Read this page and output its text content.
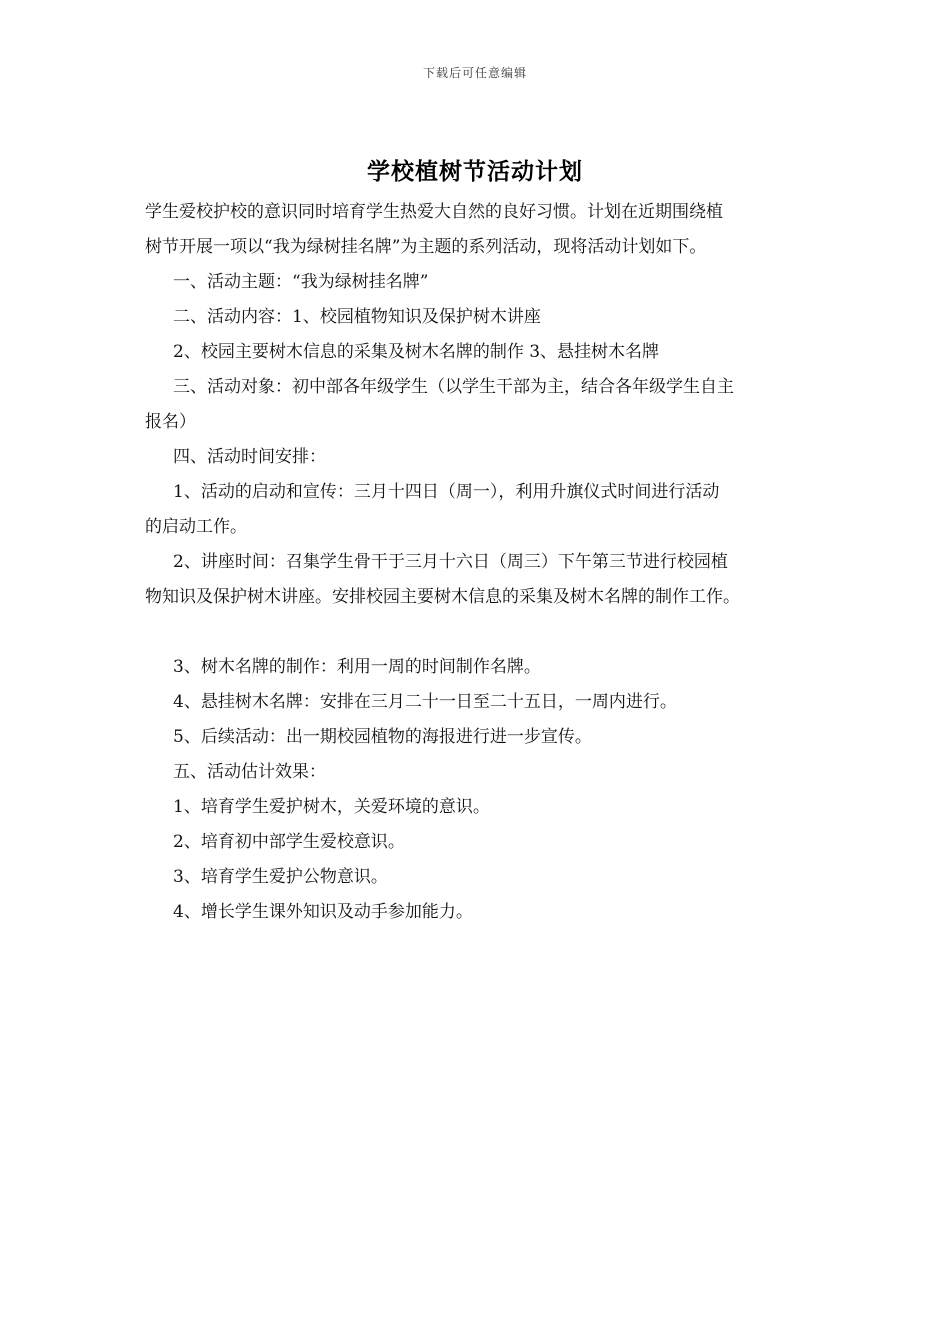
下载后可任意编辑
学校植树节活动计划

学生爱校护校的意识同时培育学生热爱大自然的良好习惯。计划在近期围绕植

树节开展一项以“我为绿树挂名牌”为主题的系列活动，现将活动计划如下。

一、活动主题：“我为绿树挂名牌”

二、活动内容：1、校园植物知识及保护树木讲座

2、校园主要树木信息的采集及树木名牌的制作 3、悬挂树木名牌

三、活动对象：初中部各年级学生（以学生干部为主，结合各年级学生自主

报名）

四、活动时间安排：

1、活动的启动和宣传：三月十四日（周一），利用升旗仪式时间进行活动

的启动工作。

2、讲座时间：召集学生骨干于三月十六日（周三）下午第三节进行校园植

物知识及保护树木讲座。安排校园主要树木信息的采集及树木名牌的制作工作。

3、树木名牌的制作：利用一周的时间制作名牌。

4、悬挂树木名牌：安排在三月二十一日至二十五日，一周内进行。

5、后续活动：出一期校园植物的海报进行进一步宣传。

五、活动估计效果：

1、培育学生爱护树木，关爱环境的意识。

2、培育初中部学生爱校意识。

3、培育学生爱护公物意识。

4、增长学生课外知识及动手参加能力。
